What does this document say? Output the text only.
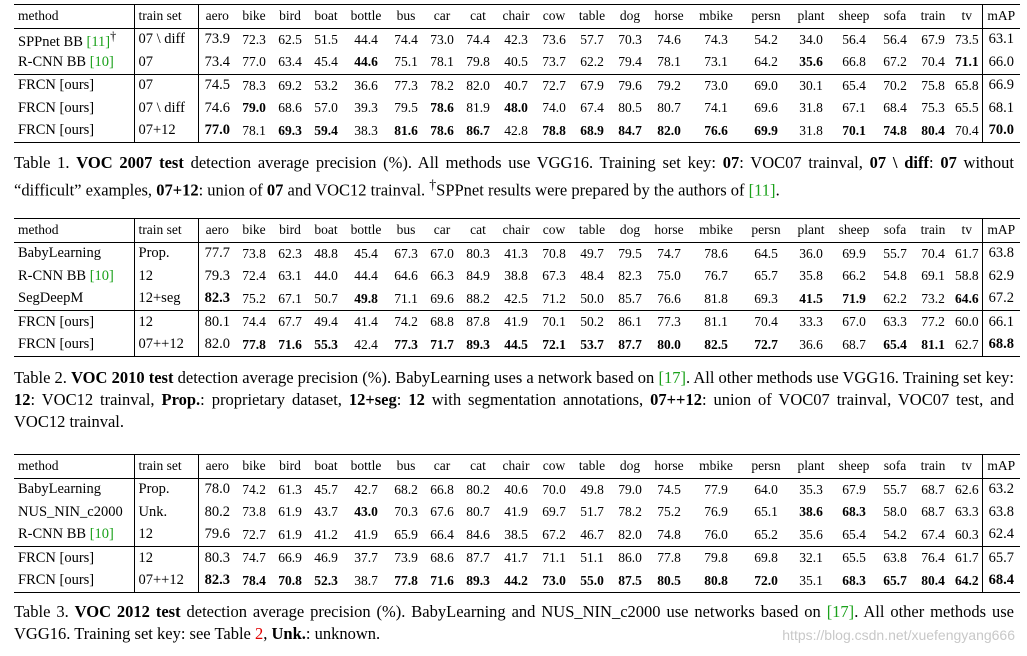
method	train set	aero	bike	bird	boat	bottle	bus	car	cat	chair	cow	table	dog	horse	mbike	persn	plant	sheep	sofa	train	tv	mAP
SPPnet BB [11]†	07 \ diff	73.9	72.3	62.5	51.5	44.4	74.4	73.0	74.4	42.3	73.6	57.7	70.3	74.6	74.3	54.2	34.0	56.4	56.4	67.9	73.5	63.1
R-CNN BB [10]	07	73.4	77.0	63.4	45.4	44.6	75.1	78.1	79.8	40.5	73.7	62.2	79.4	78.1	73.1	64.2	35.6	66.8	67.2	70.4	71.1	66.0
FRCN [ours]	07	74.5	78.3	69.2	53.2	36.6	77.3	78.2	82.0	40.7	72.7	67.9	79.6	79.2	73.0	69.0	30.1	65.4	70.2	75.8	65.8	66.9
FRCN [ours]	07 \ diff	74.6	79.0	68.6	57.0	39.3	79.5	78.6	81.9	48.0	74.0	67.4	80.5	80.7	74.1	69.6	31.8	67.1	68.4	75.3	65.5	68.1
FRCN [ours]	07+12	77.0	78.1	69.3	59.4	38.3	81.6	78.6	86.7	42.8	78.8	68.9	84.7	82.0	76.6	69.9	31.8	70.1	74.8	80.4	70.4	70.0
Table 1. VOC 2007 test detection average precision (%). All methods use VGG16. Training set key: 07: VOC07 trainval, 07 \ diff: 07 without “difficult” examples, 07+12: union of 07 and VOC12 trainval. †SPPnet results were prepared by the authors of [11].
method	train set	aero	bike	bird	boat	bottle	bus	car	cat	chair	cow	table	dog	horse	mbike	persn	plant	sheep	sofa	train	tv	mAP
BabyLearning	Prop.	77.7	73.8	62.3	48.8	45.4	67.3	67.0	80.3	41.3	70.8	49.7	79.5	74.7	78.6	64.5	36.0	69.9	55.7	70.4	61.7	63.8
R-CNN BB [10]	12	79.3	72.4	63.1	44.0	44.4	64.6	66.3	84.9	38.8	67.3	48.4	82.3	75.0	76.7	65.7	35.8	66.2	54.8	69.1	58.8	62.9
SegDeepM	12+seg	82.3	75.2	67.1	50.7	49.8	71.1	69.6	88.2	42.5	71.2	50.0	85.7	76.6	81.8	69.3	41.5	71.9	62.2	73.2	64.6	67.2
FRCN [ours]	12	80.1	74.4	67.7	49.4	41.4	74.2	68.8	87.8	41.9	70.1	50.2	86.1	77.3	81.1	70.4	33.3	67.0	63.3	77.2	60.0	66.1
FRCN [ours]	07++12	82.0	77.8	71.6	55.3	42.4	77.3	71.7	89.3	44.5	72.1	53.7	87.7	80.0	82.5	72.7	36.6	68.7	65.4	81.1	62.7	68.8
Table 2. VOC 2010 test detection average precision (%). BabyLearning uses a network based on [17]. All other methods use VGG16. Training set key: 12: VOC12 trainval, Prop.: proprietary dataset, 12+seg: 12 with segmentation annotations, 07++12: union of VOC07 trainval, VOC07 test, and VOC12 trainval.
method	train set	aero	bike	bird	boat	bottle	bus	car	cat	chair	cow	table	dog	horse	mbike	persn	plant	sheep	sofa	train	tv	mAP
BabyLearning	Prop.	78.0	74.2	61.3	45.7	42.7	68.2	66.8	80.2	40.6	70.0	49.8	79.0	74.5	77.9	64.0	35.3	67.9	55.7	68.7	62.6	63.2
NUS_NIN_c2000	Unk.	80.2	73.8	61.9	43.7	43.0	70.3	67.6	80.7	41.9	69.7	51.7	78.2	75.2	76.9	65.1	38.6	68.3	58.0	68.7	63.3	63.8
R-CNN BB [10]	12	79.6	72.7	61.9	41.2	41.9	65.9	66.4	84.6	38.5	67.2	46.7	82.0	74.8	76.0	65.2	35.6	65.4	54.2	67.4	60.3	62.4
FRCN [ours]	12	80.3	74.7	66.9	46.9	37.7	73.9	68.6	87.7	41.7	71.1	51.1	86.0	77.8	79.8	69.8	32.1	65.5	63.8	76.4	61.7	65.7
FRCN [ours]	07++12	82.3	78.4	70.8	52.3	38.7	77.8	71.6	89.3	44.2	73.0	55.0	87.5	80.5	80.8	72.0	35.1	68.3	65.7	80.4	64.2	68.4
Table 3. VOC 2012 test detection average precision (%). BabyLearning and NUS_NIN_c2000 use networks based on [17]. All other methods use VGG16. Training set key: see Table 2, Unk.: unknown.	https://blog.csdn.net/xuefengyang666
